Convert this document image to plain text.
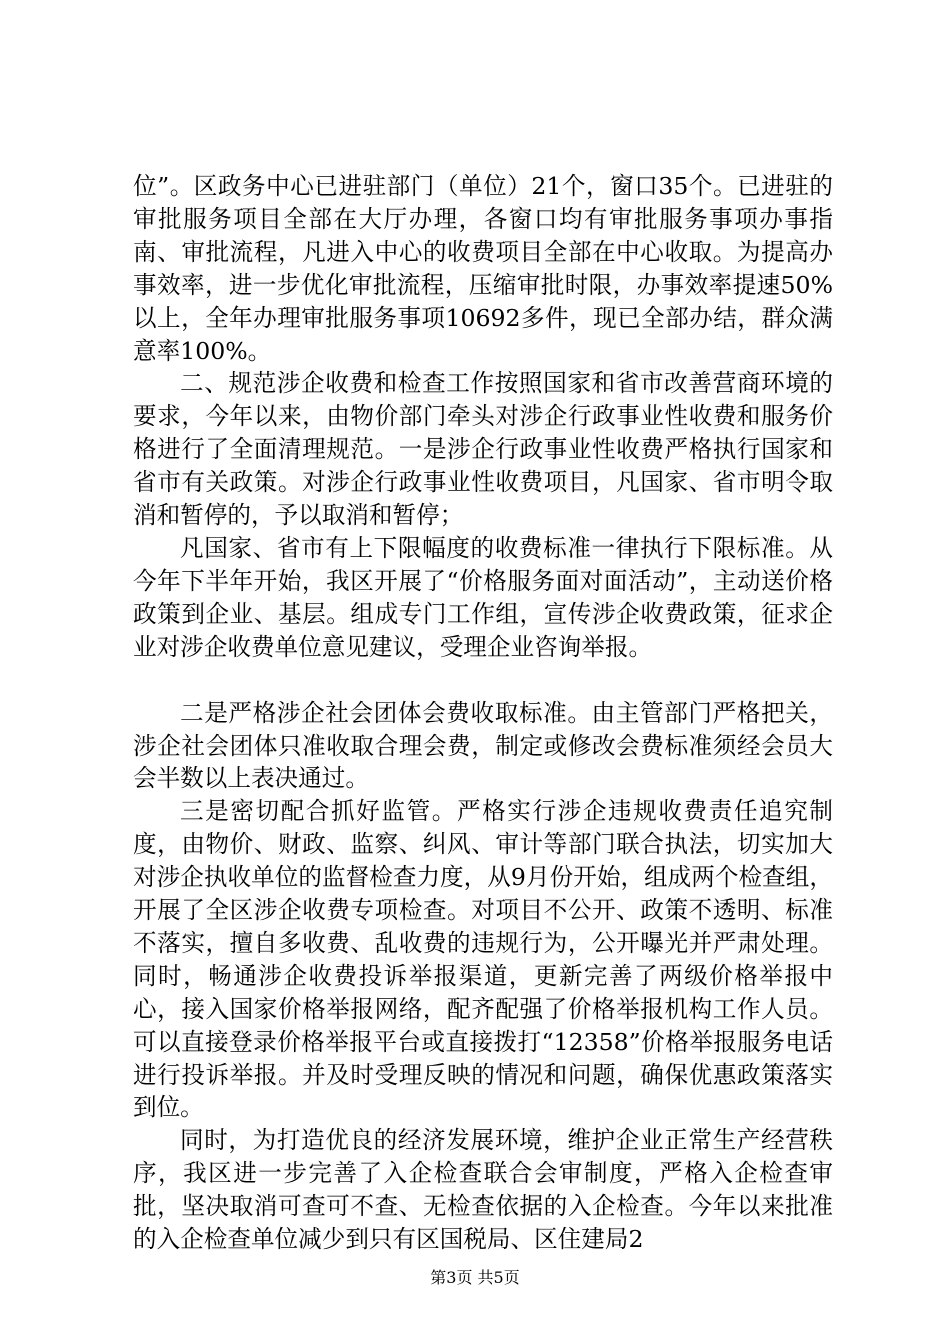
位”。区政务中心已进驻部门（单位）21个，窗口35个。已进驻的审批服务项目全部在大厅办理，各窗口均有审批服务事项办事指南、审批流程，凡进入中心的收费项目全部在中心收取。为提高办事效率，进一步优化审批流程，压缩审批时限，办事效率提速50%以上，全年办理审批服务事项10692多件，现已全部办结，群众满意率100%。

二、规范涉企收费和检查工作按照国家和省市改善营商环境的要求，今年以来，由物价部门牵头对涉企行政事业性收费和服务价格进行了全面清理规范。一是涉企行政事业性收费严格执行国家和省市有关政策。对涉企行政事业性收费项目，凡国家、省市明令取消和暂停的，予以取消和暂停；

凡国家、省市有上下限幅度的收费标准一律执行下限标准。从今年下半年开始，我区开展了“价格服务面对面活动”，主动送价格政策到企业、基层。组成专门工作组，宣传涉企收费政策，征求企业对涉企收费单位意见建议，受理企业咨询举报。

二是严格涉企社会团体会费收取标准。由主管部门严格把关，涉企社会团体只准收取合理会费，制定或修改会费标准须经会员大会半数以上表决通过。

三是密切配合抓好监管。严格实行涉企违规收费责任追究制度，由物价、财政、监察、纠风、审计等部门联合执法，切实加大对涉企执收单位的监督检查力度，从9月份开始，组成两个检查组，开展了全区涉企收费专项检查。对项目不公开、政策不透明、标准不落实，擅自多收费、乱收费的违规行为，公开曝光并严肃处理。同时，畅通涉企收费投诉举报渠道，更新完善了两级价格举报中心，接入国家价格举报网络，配齐配强了价格举报机构工作人员。可以直接登录价格举报平台或直接拨打“12358”价格举报服务电话进行投诉举报。并及时受理反映的情况和问题，确保优惠政策落实到位。

同时，为打造优良的经济发展环境，维护企业正常生产经营秩序，我区进一步完善了入企检查联合会审制度，严格入企检查审批，坚决取消可查可不查、无检查依据的入企检查。今年以来批准的入企检查单位减少到只有区国税局、区住建局2

第3页 共5页
